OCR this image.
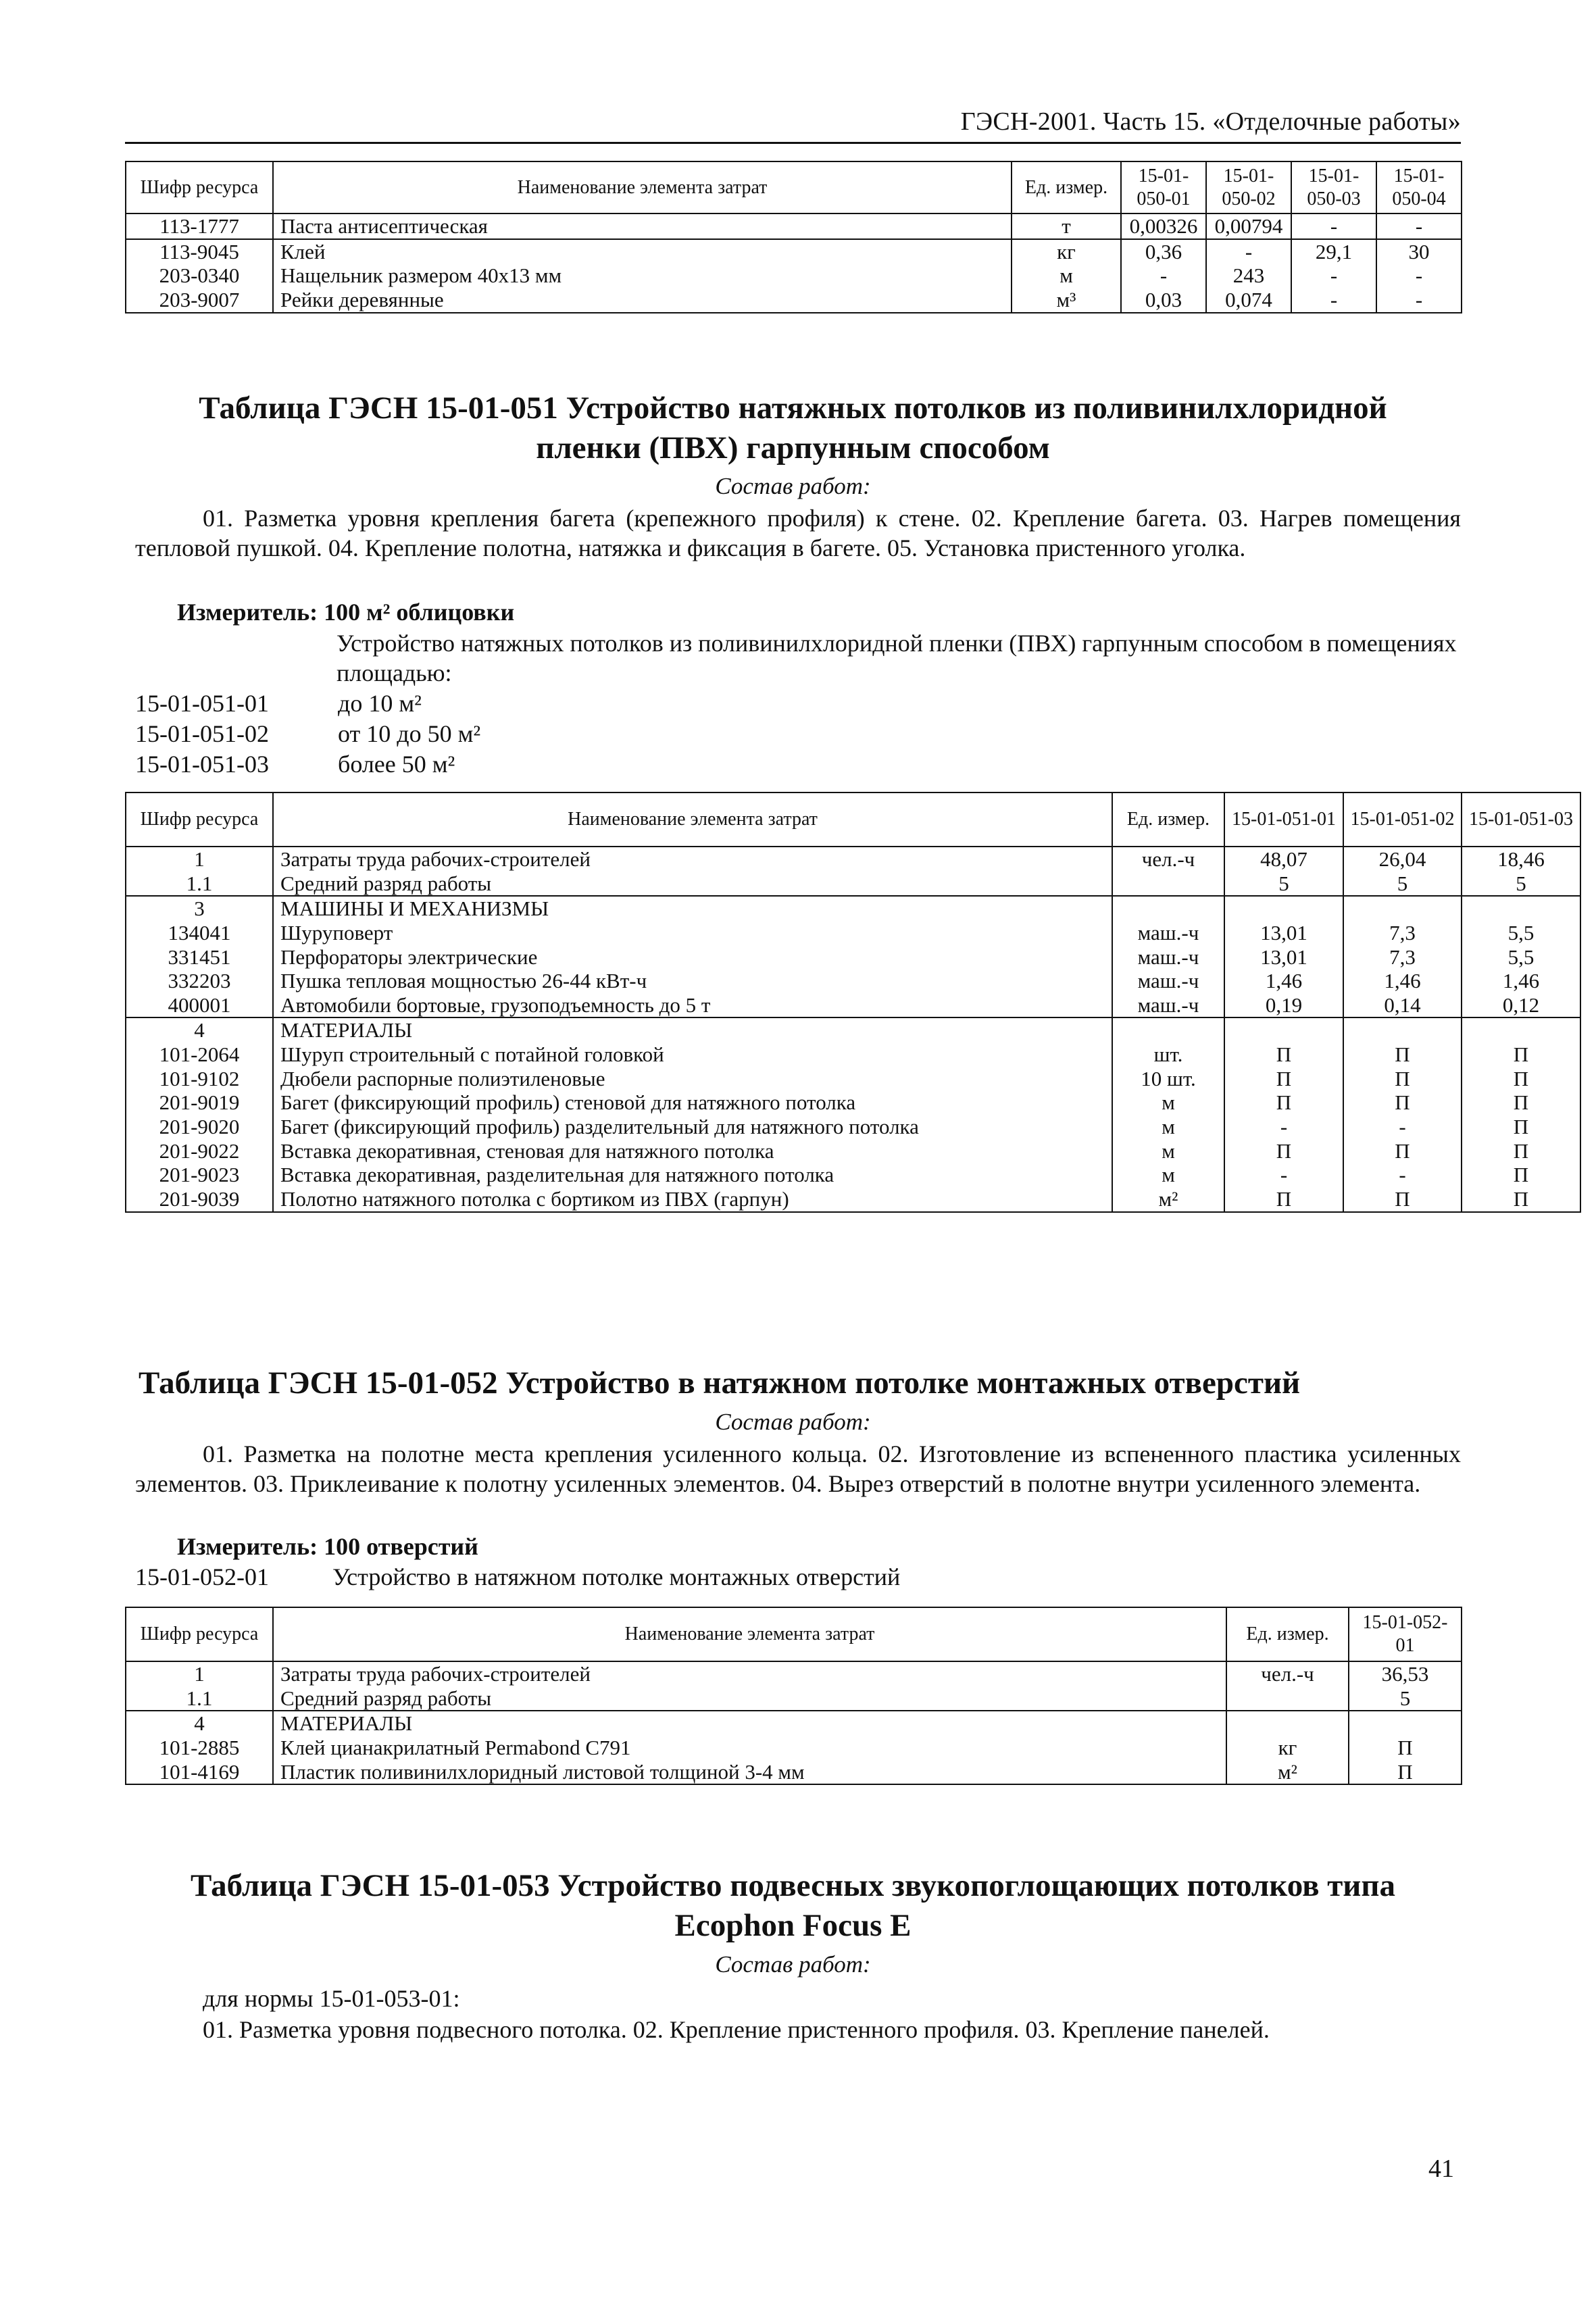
ГЭСН-2001. Часть 15. «Отделочные работы»
Шифр ресурса	Наименование элемента затрат	Ед. измер.	15-01-050-01	15-01-050-02	15-01-050-03	15-01-050-04
113-1777	Паста антисептическая	т	0,00326	0,00794	-	-
113-9045	Клей	кг	0,36	-	29,1	30
203-0340	Нащельник размером 40х13 мм	м	-	243	-	-
203-9007	Рейки деревянные	м³	0,03	0,074	-	-
Таблица ГЭСН 15-01-051 Устройство натяжных потолков из поливинилхлоридной
пленки (ПВХ) гарпунным способом
Состав работ:
01. Разметка уровня крепления багета (крепежного профиля) к стене. 02. Крепление багета. 03. Нагрев помещения тепловой пушкой. 04. Крепление полотна, натяжка и фиксация в багете. 05. Установка пристенного уголка.
Измеритель: 100 м² облицовки
Устройство натяжных потолков из поливинилхлоридной пленки (ПВХ) гарпунным способом в помещениях площадью:
15-01-051-01	до 10 м²
15-01-051-02	от 10 до 50 м²
15-01-051-03	более 50 м²
Шифр ресурса	Наименование элемента затрат	Ед. измер.	15-01-051-01	15-01-051-02	15-01-051-03
1	Затраты труда рабочих-строителей	чел.-ч	48,07	26,04	18,46
1.1	Средний разряд работы		5	5	5
3	МАШИНЫ И МЕХАНИЗМЫ				
134041	Шуруповерт	маш.-ч	13,01	7,3	5,5
331451	Перфораторы электрические	маш.-ч	13,01	7,3	5,5
332203	Пушка тепловая мощностью 26-44 кВт-ч	маш.-ч	1,46	1,46	1,46
400001	Автомобили бортовые, грузоподъемность до 5 т	маш.-ч	0,19	0,14	0,12
4	МАТЕРИАЛЫ				
101-2064	Шуруп строительный с потайной головкой	шт.	П	П	П
101-9102	Дюбели распорные полиэтиленовые	10 шт.	П	П	П
201-9019	Багет (фиксирующий профиль) стеновой для натяжного потолка	м	П	П	П
201-9020	Багет (фиксирующий профиль) разделительный для натяжного потолка	м	-	-	П
201-9022	Вставка декоративная, стеновая для натяжного потолка	м	П	П	П
201-9023	Вставка декоративная, разделительная для натяжного потолка	м	-	-	П
201-9039	Полотно натяжного потолка с бортиком из ПВХ (гарпун)	м²	П	П	П
Таблица ГЭСН 15-01-052 Устройство в натяжном потолке монтажных отверстий
Состав работ:
01. Разметка на полотне места крепления усиленного кольца. 02. Изготовление из вспененного пластика усиленных элементов. 03. Приклеивание к полотну усиленных элементов. 04. Вырез отверстий в полотне внутри усиленного элемента.
Измеритель: 100 отверстий
15-01-052-01	Устройство в натяжном потолке монтажных отверстий
Шифр ресурса	Наименование элемента затрат	Ед. измер.	15-01-052-01
1	Затраты труда рабочих-строителей	чел.-ч	36,53
1.1	Средний разряд работы		5
4	МАТЕРИАЛЫ		
101-2885	Клей цианакрилатный Permabond C791	кг	П
101-4169	Пластик поливинилхлоридный листовой толщиной 3-4 мм	м²	П
Таблица ГЭСН 15-01-053 Устройство подвесных звукопоглощающих потолков типа
Ecophon Focus E
Состав работ:
для нормы 15-01-053-01:
01. Разметка уровня подвесного потолка. 02. Крепление пристенного профиля. 03. Крепление панелей.
41
